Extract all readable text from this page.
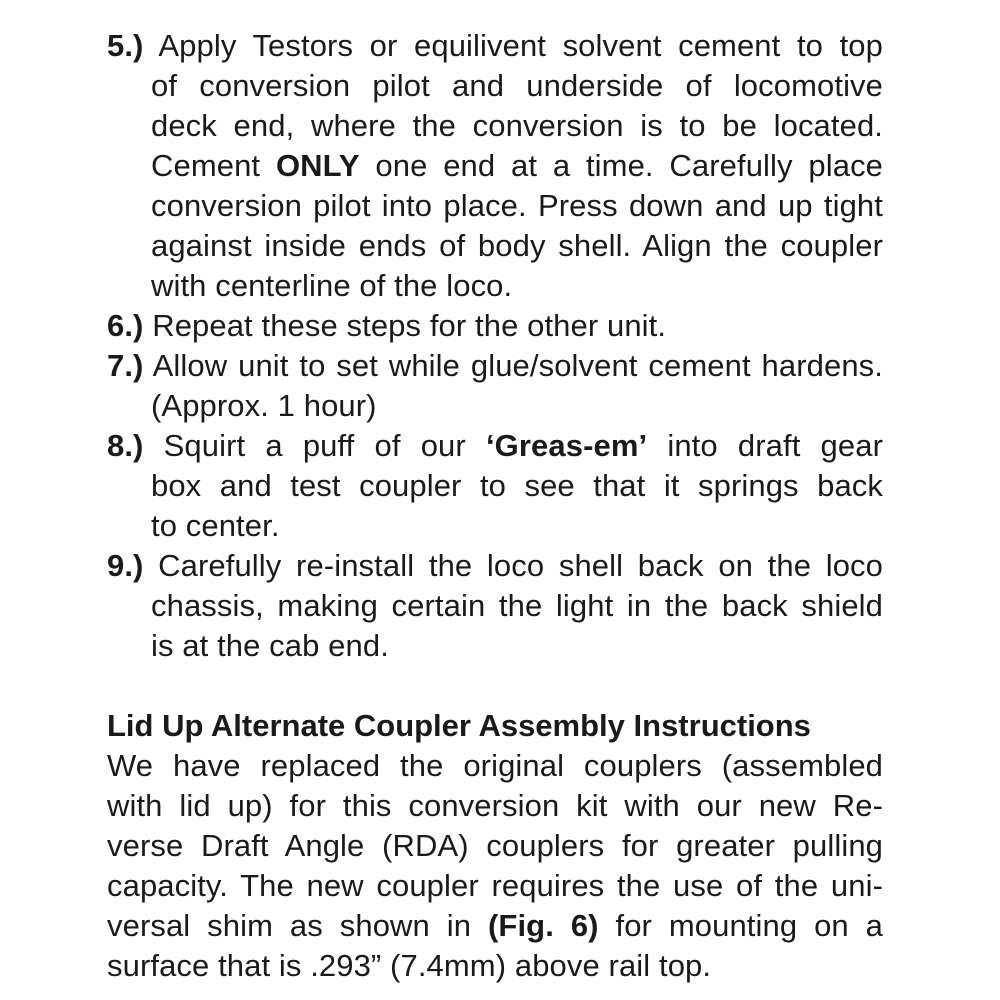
5.) Apply Testors or equilivent solvent cement to top
of conversion pilot and underside of locomotive
deck end, where the conversion is to be located.
Cement ONLY one end at a time. Carefully place
conversion pilot into place. Press down and up tight
against inside ends of body shell. Align the coupler
with centerline of the loco.
6.) Repeat these steps for the other unit.
7.) Allow unit to set while glue/solvent cement hardens.
(Approx. 1 hour)
8.) Squirt a puff of our ‘Greas-em’ into draft gear
box and test coupler to see that it springs back
to center.
9.) Carefully re-install the loco shell back on the loco
chassis, making certain the light in the back shield
is at the cab end.
Lid Up Alternate Coupler Assembly Instructions
We have replaced the original couplers (assembled
with lid up) for this conversion kit with our new Re-
verse Draft Angle (RDA) couplers for greater pulling
capacity. The new coupler requires the use of the uni-
versal shim as shown in (Fig. 6) for mounting on a
surface that is .293” (7.4mm) above rail top.
